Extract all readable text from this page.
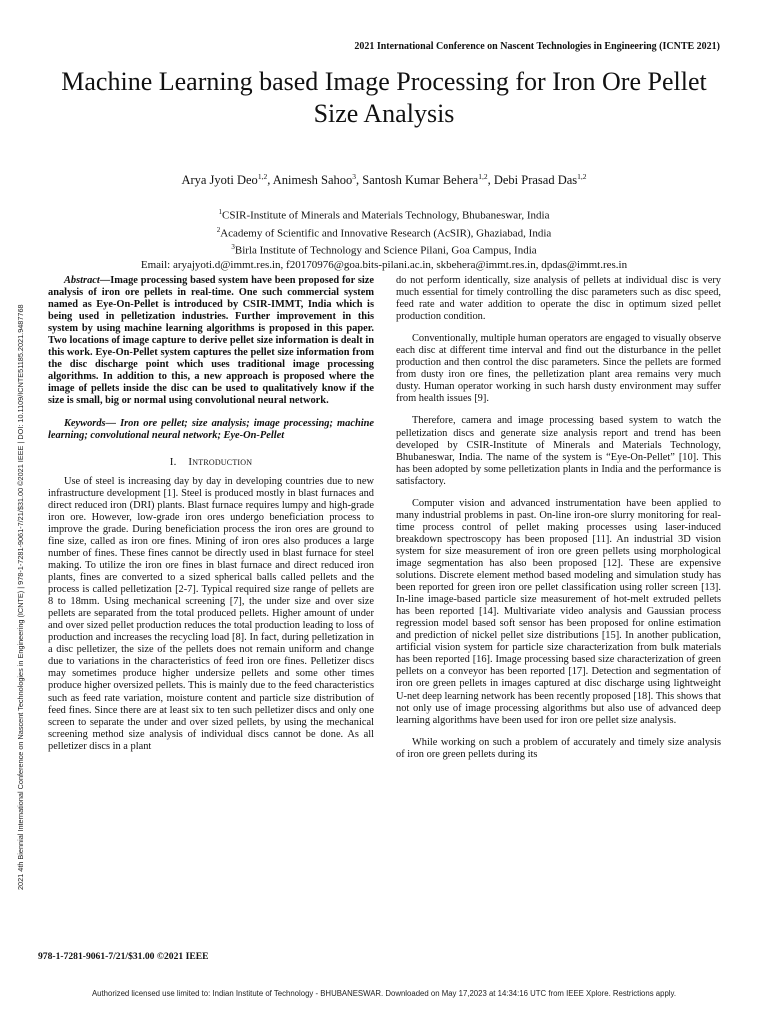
2021 International Conference on Nascent Technologies in Engineering (ICNTE 2021)
Machine Learning based Image Processing for Iron Ore Pellet Size Analysis
Arya Jyoti Deo$^{1,2}$, Animesh Sahoo$^3$, Santosh Kumar Behera$^{1,2}$, Debi Prasad Das$^{1,2}$
$^1$CSIR-Institute of Minerals and Materials Technology, Bhubaneswar, India
$^2$Academy of Scientific and Innovative Research (AcSIR), Ghaziabad, India
$^3$Birla Institute of Technology and Science Pilani, Goa Campus, India
Email: aryajyoti.d@immt.res.in, f20170976@goa.bits-pilani.ac.in, skbehera@immt.res.in, dpdas@immt.res.in
2021 4th Biennial International Conference on Nascent Technologies in Engineering (ICNTE) | 978-1-7281-9061-7/21/$31.00 ©2021 IEEE | DOI: 10.1109/ICNTE51185.2021.9487768

Abstract—Image processing based system have been proposed for size analysis of iron ore pellets in real-time. One such commercial system named as Eye-On-Pellet is introduced by CSIR-IMMT, India which is being used in pelletization industries. Further improvement in this system by using machine learning algorithms is proposed in this paper. Two locations of image capture to derive pellet size information is dealt in this work. Eye-On-Pellet system captures the pellet size information from the disc discharge point which uses traditional image processing algorithms. In addition to this, a new approach is proposed where the image of pellets inside the disc can be used to qualitatively know if the size is small, big or normal using convolutional neural network.

Keywords— Iron ore pellet; size analysis; image processing; machine learning; convolutional neural network; Eye-On-Pellet

I. Introduction

Use of steel is increasing day by day in developing countries due to new infrastructure development [1]. Steel is produced mostly in blast furnaces and direct reduced iron (DRI) plants. Blast furnace requires lumpy and high-grade iron ore. However, low-grade iron ores undergo beneficiation process to improve the grade. During beneficiation process the iron ores are ground to fine size, called as iron ore fines. Mining of iron ores also produces a large number of fines. These fines cannot be directly used in blast furnace for steel making. To utilize the iron ore fines in blast furnace and direct reduced iron plants, fines are converted to a sized spherical balls called pellets and the process is called pelletization [2-7]. Typical required size range of pellets are 8 to 18mm. Using mechanical screening [7], the under size and over size pellets are separated from the total produced pellets. Higher amount of under and over sized pellet production reduces the total production leading to loss of production and increases the recycling load [8]. In fact, during pelletization in a disc pelletizer, the size of the pellets does not remain uniform and change due to variations in the characteristics of feed iron ore fines. Pelletizer discs may sometimes produce higher undersize pellets and some other times produce higher oversized pellets. This is mainly due to the feed characteristics such as feed rate variation, moisture content and particle size distribution of feed fines. Since there are at least six to ten such pelletizer discs and only one screen to separate the under and over sized pellets, by using the mechanical screening method size analysis of individual discs cannot be done. As all pelletizer discs in a plant

do not perform identically, size analysis of pellets at individual disc is very much essential for timely controlling the disc parameters such as disc speed, feed rate and water addition to operate the disc in optimum sized pellet production condition.

Conventionally, multiple human operators are engaged to visually observe each disc at different time interval and find out the disturbance in the pellet production and then control the disc parameters. Since the pellets are formed from dusty iron ore fines, the pelletization plant area remains very much dusty. Human operator working in such harsh dusty environment may suffer from health issues [9].

Therefore, camera and image processing based system to watch the pelletization discs and generate size analysis report and trend has been developed by CSIR-Institute of Minerals and Materials Technology, Bhubaneswar, India. The name of the system is “Eye-On-Pellet” [10]. This has been adopted by some pelletization plants in India and the performance is satisfactory.

Computer vision and advanced instrumentation have been applied to many industrial problems in past. On-line iron-ore slurry monitoring for real-time process control of pellet making processes using laser-induced breakdown spectroscopy has been proposed [11]. An industrial 3D vision system for size measurement of iron ore green pellets using morphological image segmentation has also been proposed [12]. These are expensive solutions. Discrete element method based modeling and simulation study has been reported for green iron ore pellet classification using roller screen [13]. In-line image-based particle size measurement of hot-melt extruded pellets has been reported [14]. Multivariate video analysis and Gaussian process regression model based soft sensor has been proposed for online estimation and prediction of nickel pellet size distributions [15]. In another publication, artificial vision system for particle size characterization from bulk materials has been reported [16]. Image processing based size characterization of green pellets on a conveyor has been reported [17]. Detection and segmentation of iron ore green pellets in images captured at disc discharge using lightweight U-net deep learning network has been recently proposed [18]. This shows that not only use of image processing algorithms but also use of advanced deep learning algorithms have been used for iron ore pellet size analysis.

While working on such a problem of accurately and timely size analysis of iron ore green pellets during its

978-1-7281-9061-7/21/$31.00 ©2021 IEEE
Authorized licensed use limited to: Indian Institute of Technology - BHUBANESWAR. Downloaded on May 17,2023 at 14:34:16 UTC from IEEE Xplore. Restrictions apply.
